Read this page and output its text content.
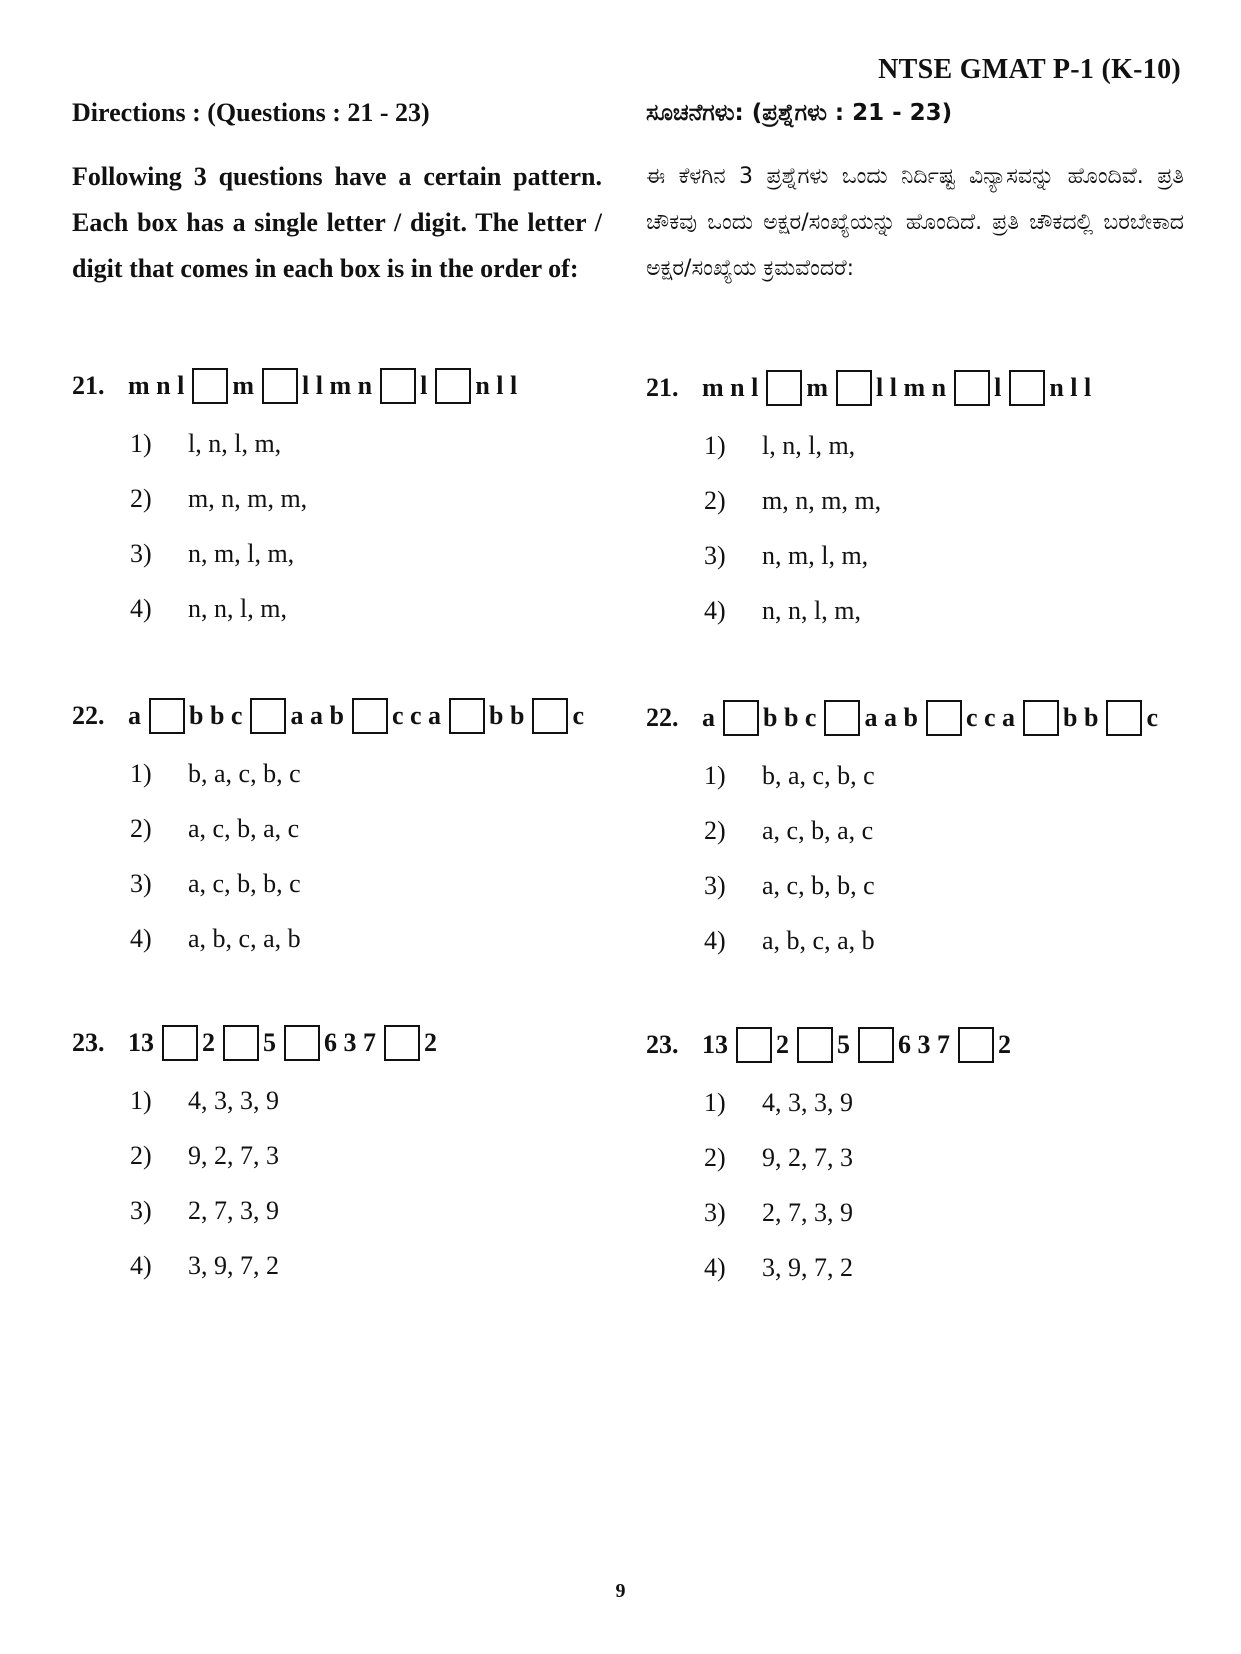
NTSE GMAT P-1 (K-10)
Directions : (Questions : 21 - 23)
Following 3 questions have a certain pattern. Each box has a single letter / digit. The letter / digit that comes in each box is in the order of:
21. m n l m l l m n l n l l
1)	l, n, l, m,
2)	m, n, m, m,
3)	n, m, l, m,
4)	n, n, l, m,
22. a b b c a a b c c a b b c
1)	b, a, c, b, c
2)	a, c, b, a, c
3)	a, c, b, b, c
4)	a, b, c, a, b
23. 13 2 5 6 3 7 2
1)	4, 3, 3, 9
2)	9, 2, 7, 3
3)	2, 7, 3, 9
4)	3, 9, 7, 2
ಸೂಚನೆಗಳು: (ಪ್ರಶ್ನೆಗಳು : 21 - 23)
ಈ ಕೆಳಗಿನ 3 ಪ್ರಶ್ನೆಗಳು ಒಂದು ನಿರ್ದಿಷ್ಟ ವಿನ್ಯಾಸವನ್ನು ಹೊಂದಿವೆ. ಪ್ರತಿ ಚೌಕವು ಒಂದು ಅಕ್ಷರ/ಸಂಖ್ಯೆಯನ್ನು ಹೊಂದಿದೆ. ಪ್ರತಿ ಚೌಕದಲ್ಲಿ ಬರಬೇಕಾದ ಅಕ್ಷರ/ಸಂಖ್ಯೆಯ ಕ್ರಮವೆಂದರೆ:
21. m n l m l l m n l n l l
1)	l, n, l, m,
2)	m, n, m, m,
3)	n, m, l, m,
4)	n, n, l, m,
22. a b b c a a b c c a b b c
1)	b, a, c, b, c
2)	a, c, b, a, c
3)	a, c, b, b, c
4)	a, b, c, a, b
23. 13 2 5 6 3 7 2
1)	4, 3, 3, 9
2)	9, 2, 7, 3
3)	2, 7, 3, 9
4)	3, 9, 7, 2
9
